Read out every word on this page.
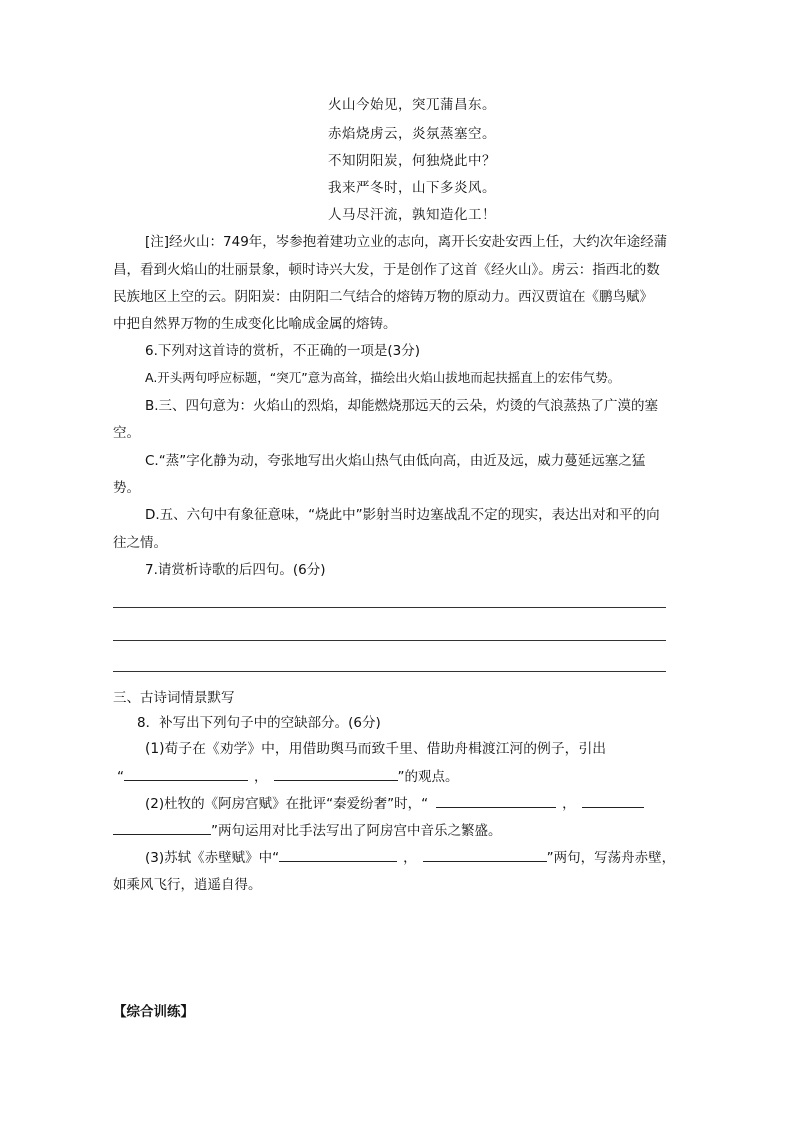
火山今始见，突兀蒲昌东。
赤焰烧虏云，炎氛蒸塞空。
不知阴阳炭，何独烧此中？
我来严冬时，山下多炎风。
人马尽汗流，孰知造化工！
[注]经火山：749年，岑参抱着建功立业的志向，离开长安赴安西上任，大约次年途经蒲
昌，看到火焰山的壮丽景象，顿时诗兴大发，于是创作了这首《经火山》。虏云：指西北的数
民族地区上空的云。阴阳炭：由阴阳二气结合的熔铸万物的原动力。西汉贾谊在《鹏鸟赋》
中把自然界万物的生成变化比喻成金属的熔铸。
6.下列对这首诗的赏析，不正确的一项是(3分)
A.开头两句呼应标题，“突兀”意为高耸，描绘出火焰山拔地而起扶摇直上的宏伟气势。
B.三、四句意为：火焰山的烈焰，却能燃烧那远天的云朵，灼烫的气浪蒸热了广漠的塞
空。
C.“蒸”字化静为动，夸张地写出火焰山热气由低向高，由近及远，威力蔓延远塞之猛
势。
D.五、六句中有象征意味，“烧此中”影射当时边塞战乱不定的现实，表达出对和平的向
往之情。
7.请赏析诗歌的后四句。(6分)
三、古诗词情景默写
8．补写出下列句子中的空缺部分。(6分)
(1)荀子在《劝学》中，用借助舆马而致千里、借助舟楫渡江河的例子，引出
“	，	”的观点。
(2)杜牧的《阿房宫赋》在批评“秦爱纷奢”时，“	，
”两句运用对比手法写出了阿房宫中音乐之繁盛。
(3)苏轼《赤壁赋》中“	，	”两句，写荡舟赤壁，
如乘风飞行，逍遥自得。
【综合训练】
